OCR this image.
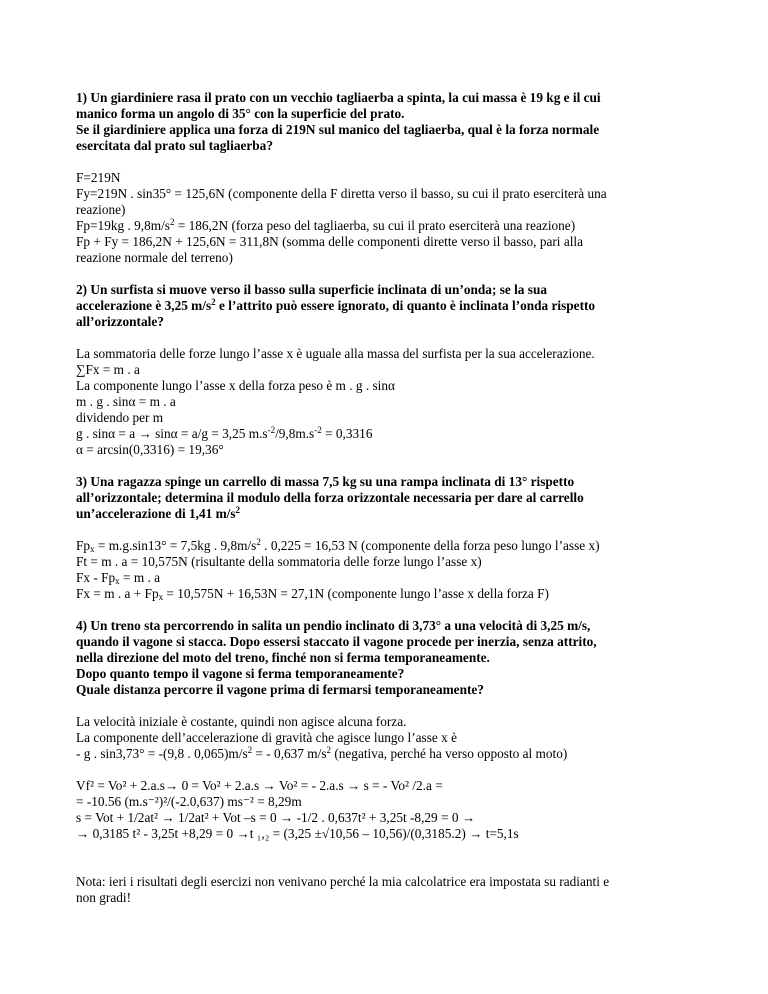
1) Un giardiniere rasa il prato con un vecchio tagliaerba a spinta, la cui massa è 19 kg e il cui

manico forma un angolo di 35° con la superficie del prato.

Se il giardiniere applica una forza di 219N sul manico del tagliaerba, qual è la forza normale

esercitata dal prato sul tagliaerba?

F=219N

Fy=219N . sin35° = 125,6N (componente della F diretta verso il basso, su cui il prato eserciterà una

reazione)

Fp=19kg . $9,8m/s^2 = 186,2N$ (forza peso del tagliaerba, su cui il prato eserciterà una reazione)

Fp + Fy = 186,2N + 125,6N = 311,8N (somma delle componenti dirette verso il basso, pari alla

reazione normale del terreno)

2) Un surfista si muove verso il basso sulla superficie inclinata di un’onda; se la sua

accelerazione è 3,25 $m/s^2$ e l’attrito può essere ignorato, di quanto è inclinata l’onda rispetto

all’orizzontale?

La sommatoria delle forze lungo l’asse x è uguale alla massa del surfista per la sua accelerazione.

∑Fx = m . a

La componente lungo l’asse x della forza peso è m . g . sinα

m . g . sinα = m . a

dividendo per m

g . sinα = a → sinα = a/g = 3,25 $m.s^{-2}/9,8m.s^{-2} = 0,3316$

α = arcsin(0,3316) = 19,36°

3) Una ragazza spinge un carrello di massa 7,5 kg su una rampa inclinata di 13° rispetto

all’orizzontale; determina il modulo della forza orizzontale necessaria per dare al carrello

un’accelerazione di 1,41 $m/s^2$

$Fp_x = m.g.\sin 13^\circ = 7,5kg$ . $9,8m/s^2$ . 0,225 = 16,53 N (componente della forza peso lungo l’asse x)

Ft = m . a = 10,575N (risultante della sommatoria delle forze lungo l’asse x)

$Fx - Fp_x = m$ . a

Fx = m . $a + Fp_x = 10,575N + 16,53N = 27,1N$ (componente lungo l’asse x della forza F)

4) Un treno sta percorrendo in salita un pendio inclinato di 3,73° a una velocità di 3,25 m/s,

quando il vagone si stacca. Dopo essersi staccato il vagone procede per inerzia, senza attrito,

nella direzione del moto del treno, finché non si ferma temporaneamente.

Dopo quanto tempo il vagone si ferma temporaneamente?

Quale distanza percorre il vagone prima di fermarsi temporaneamente?

La velocità iniziale è costante, quindi non agisce alcuna forza.

La componente dell’accelerazione di gravità che agisce lungo l’asse x è

- g . sin3,73° = -(9,8 . $0,065)m/s^2$ = - 0,637 $m/s^2$ (negativa, perché ha verso opposto al moto)

Vf² = Vo² + 2.a.s→ 0 = Vo² + 2.a.s → Vo² = - 2.a.s → s = - Vo² /2.a =

= -10.56 (m.s⁻²)²/(-2.0,637) ms⁻² = 8,29m

s = Vot + 1/2at² → 1/2at² + Vot –s = 0 → -1/2 . 0,637t² + 3,25t -8,29 = 0 →

→ 0,3185 t² - 3,25t +8,29 = 0 →t ₁,₂ = (3,25 ±√10,56 – 10,56)/(0,3185.2) → t=5,1s

Nota: ieri i risultati degli esercizi non venivano perché la mia calcolatrice era impostata su radianti e

non gradi!
